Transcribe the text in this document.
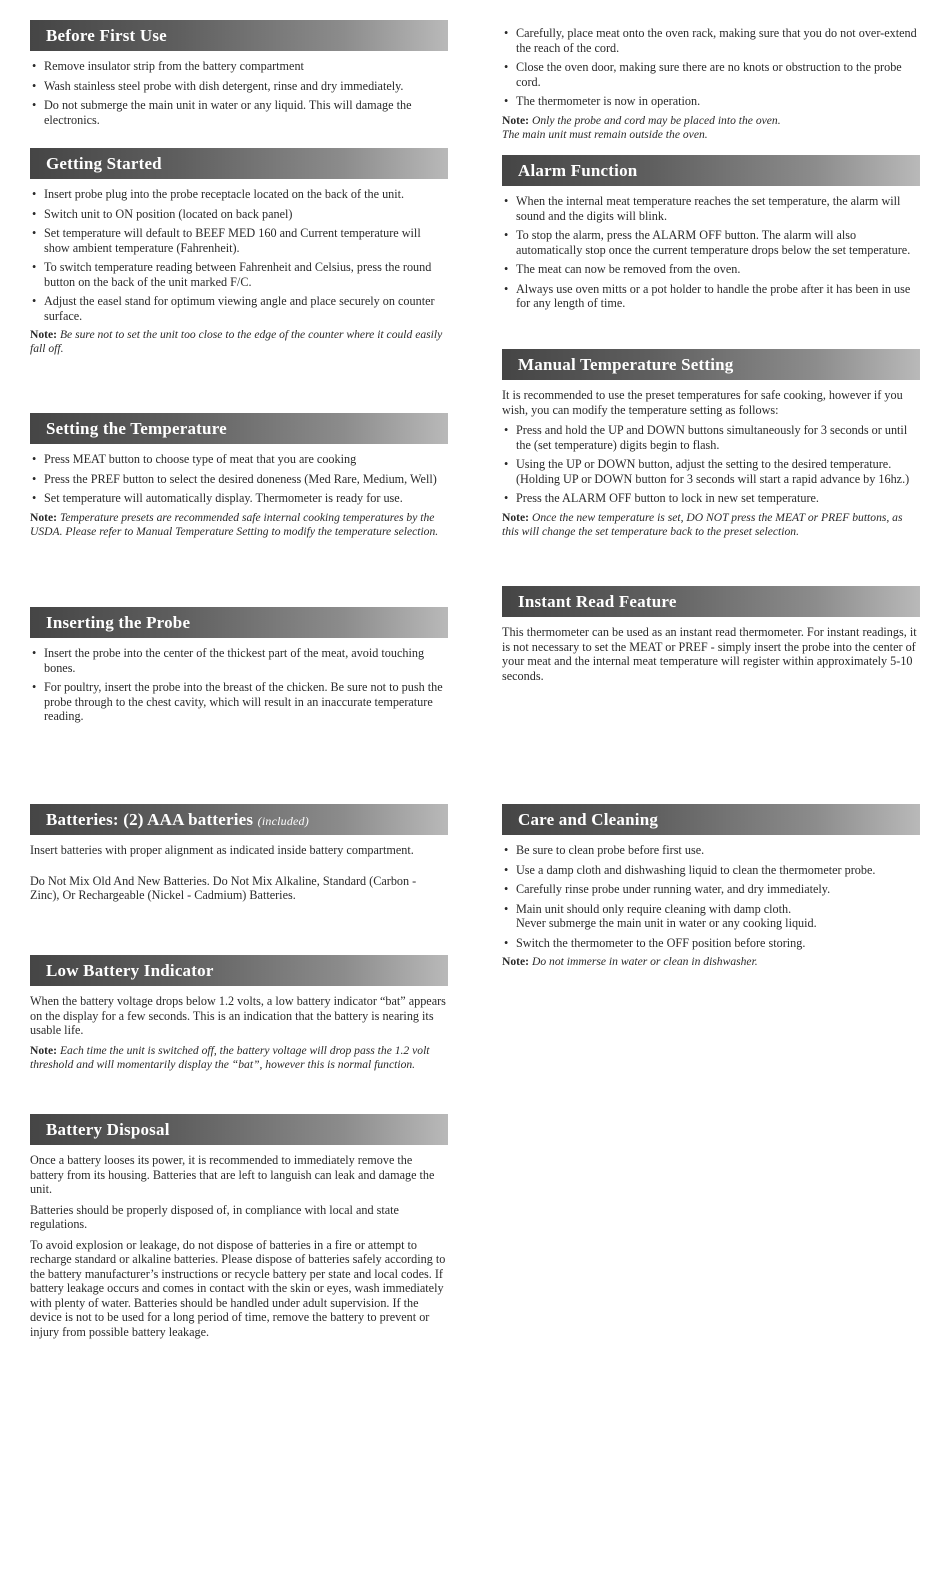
Before First Use
• Remove insulator strip from the battery compartment
• Wash stainless steel probe with dish detergent, rinse and dry immediately.
• Do not submerge the main unit in water or any liquid. This will damage the electronics.
Getting Started
• Insert probe plug into the probe receptacle located on the back of the unit.
• Switch unit to ON position (located on back panel)
• Set temperature will default to BEEF MED 160 and Current temperature will show ambient temperature (Fahrenheit).
• To switch temperature reading between Fahrenheit and Celsius, press the round button on the back of the unit marked F/C.
• Adjust the easel stand for optimum viewing angle and place securely on counter surface.
Note: Be sure not to set the unit too close to the edge of the counter where it could easily fall off.
Setting the Temperature
• Press MEAT button to choose type of meat that you are cooking
• Press the PREF button to select the desired doneness (Med Rare, Medium, Well)
• Set temperature will automatically display. Thermometer is ready for use.
Note: Temperature presets are recommended safe internal cooking temperatures by the USDA. Please refer to Manual Temperature Setting to modify the temperature selection.
Inserting the Probe
• Insert the probe into the center of the thickest part of the meat, avoid touching bones.
• For poultry, insert the probe into the breast of the chicken. Be sure not to push the probe through to the chest cavity, which will result in an inaccurate temperature reading.
Batteries: (2) AAA batteries (included)

Insert batteries with proper alignment as indicated inside battery compartment.

Do Not Mix Old And New Batteries. Do Not Mix Alkaline, Standard (Carbon - Zinc), Or Rechargeable (Nickel - Cadmium) Batteries.

Low Battery Indicator

When the battery voltage drops below 1.2 volts, a low battery indicator “bat” appears on the display for a few seconds. This is an indication that the battery is nearing its usable life.

Note: Each time the unit is switched off, the battery voltage will drop pass the 1.2 volt threshold and will momentarily display the “bat”, however this is normal function.
Battery Disposal

Once a battery looses its power, it is recommended to immediately remove the battery from its housing. Batteries that are left to languish can leak and damage the unit.

Batteries should be properly disposed of, in compliance with local and state regulations.

To avoid explosion or leakage, do not dispose of batteries in a fire or attempt to recharge standard or alkaline batteries. Please dispose of batteries safely according to the battery manufacturer’s instructions or recycle battery per state and local codes. If battery leakage occurs and comes in contact with the skin or eyes, wash immediately with plenty of water. Batteries should be handled under adult supervision. If the device is not to be used for a long period of time, remove the battery to prevent or injury from possible battery leakage.

• Carefully, place meat onto the oven rack, making sure that you do not over-extend the reach of the cord.
• Close the oven door, making sure there are no knots or obstruction to the probe cord.
• The thermometer is now in operation.
Note: Only the probe and cord may be placed into the oven.
The main unit must remain outside the oven.
Alarm Function
• When the internal meat temperature reaches the set temperature, the alarm will sound and the digits will blink.
• To stop the alarm, press the ALARM OFF button. The alarm will also automatically stop once the current temperature drops below the set temperature.
• The meat can now be removed from the oven.
• Always use oven mitts or a pot holder to handle the probe after it has been in use for any length of time.
Manual Temperature Setting

It is recommended to use the preset temperatures for safe cooking, however if you wish, you can modify the temperature setting as follows:

• Press and hold the UP and DOWN buttons simultaneously for 3 seconds or until the (set temperature) digits begin to flash.
• Using the UP or DOWN button, adjust the setting to the desired temperature. (Holding UP or DOWN button for 3 seconds will start a rapid advance by 16hz.)
• Press the ALARM OFF button to lock in new set temperature.
Note: Once the new temperature is set, DO NOT press the MEAT or PREF buttons, as this will change the set temperature back to the preset selection.
Instant Read Feature

This thermometer can be used as an instant read thermometer. For instant readings, it is not necessary to set the MEAT or PREF - simply insert the probe into the center of your meat and the internal meat temperature will register within approximately 5-10 seconds.

Care and Cleaning
• Be sure to clean probe before first use.
• Use a damp cloth and dishwashing liquid to clean the thermometer probe.
• Carefully rinse probe under running water, and dry immediately.
• Main unit should only require cleaning with damp cloth.
Never submerge the main unit in water or any cooking liquid.
• Switch the thermometer to the OFF position before storing.
Note: Do not immerse in water or clean in dishwasher.
